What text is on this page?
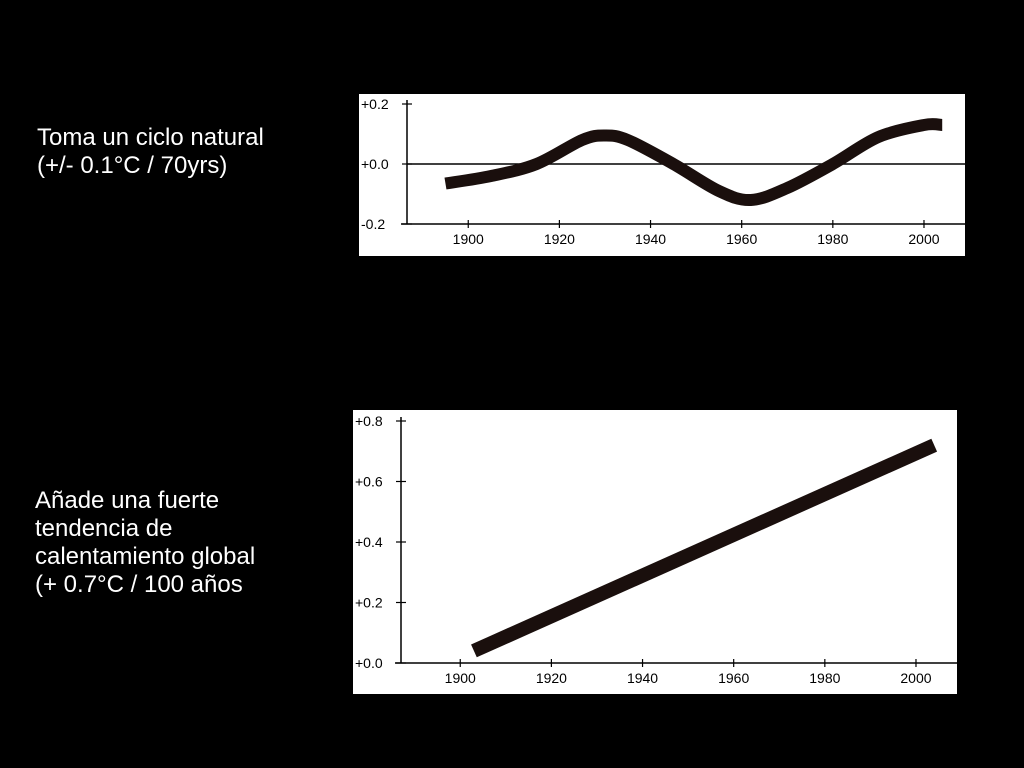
Toma un ciclo natural
(+/- 0.1°C / 70yrs)
Añade una fuerte
tendencia de
calentamiento global
(+ 0.7°C / 100 años
+0.2
+0.0
-0.2
1900	1920	1940	1960	1980	2000
+0.8
+0.6
+0.4
+0.2
+0.0
1900	1920	1940	1960	1980	2000
